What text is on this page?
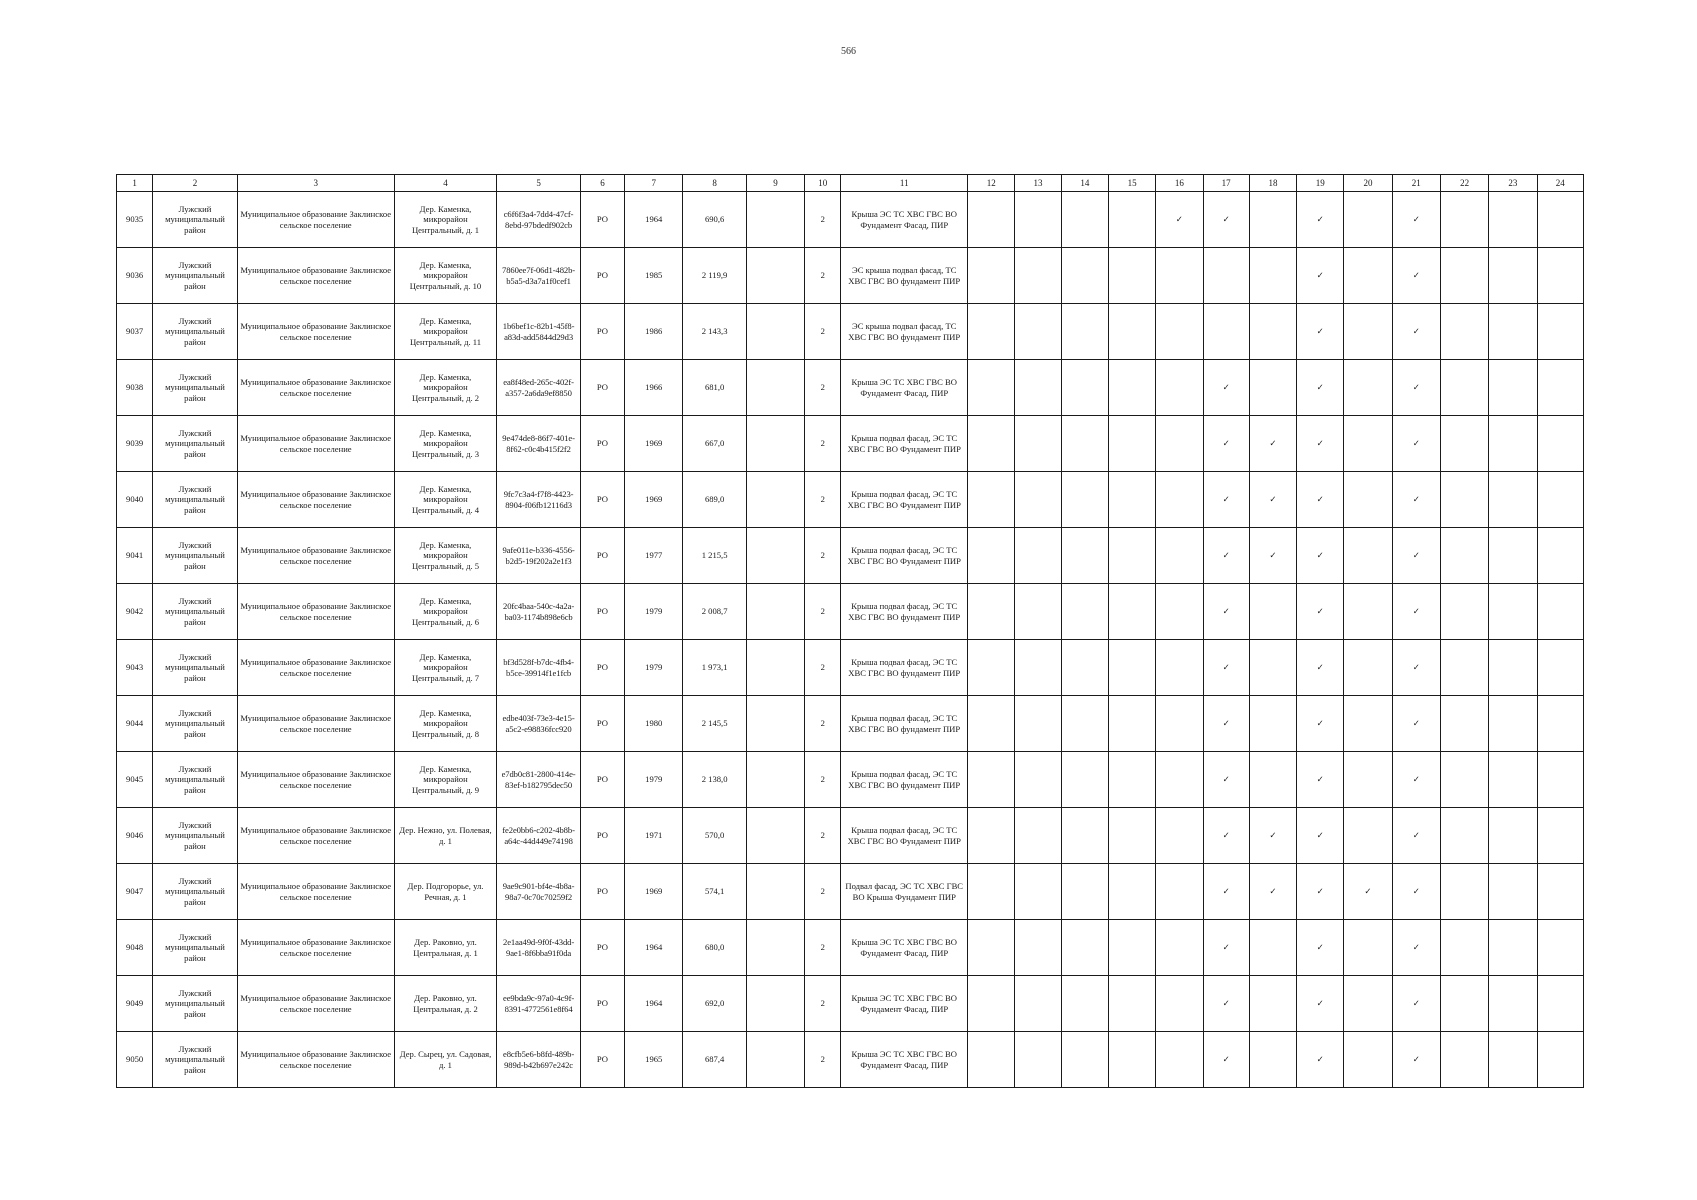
566
1	2	3	4	5	6	7	8	9	10	11	12	13	14	15	16	17	18	19	20	21	22	23	24
9035	Лужский муниципальный район	Муниципальное образование Заклинское сельское поселение	Дер. Каменка, микрорайон Центральный, д. 1	c6f6f3a4-7dd4-47cf-8ebd-97bdedf902cb	РО	1964	690,6		2	Крыша ЭС ТС ХВС ГВС ВО Фундамент Фасад, ПИР					✓	✓		✓		✓			
9036	Лужский муниципальный район	Муниципальное образование Заклинское сельское поселение	Дер. Каменка, микрорайон Центральный, д. 10	7860ee7f-06d1-482b-b5a5-d3a7a1f0cef1	РО	1985	2 119,9		2	ЭС крыша подвал фасад, ТС ХВС ГВС ВО фундамент ПИР								✓		✓			
9037	Лужский муниципальный район	Муниципальное образование Заклинское сельское поселение	Дер. Каменка, микрорайон Центральный, д. 11	1b6bef1c-82b1-45f8-a83d-add5844d29d3	РО	1986	2 143,3		2	ЭС крыша подвал фасад, ТС ХВС ГВС ВО фундамент ПИР								✓		✓			
9038	Лужский муниципальный район	Муниципальное образование Заклинское сельское поселение	Дер. Каменка, микрорайон Центральный, д. 2	ea8f48ed-265c-402f-a357-2a6da9ef8850	РО	1966	681,0		2	Крыша ЭС ТС ХВС ГВС ВО Фундамент Фасад, ПИР						✓		✓		✓			
9039	Лужский муниципальный район	Муниципальное образование Заклинское сельское поселение	Дер. Каменка, микрорайон Центральный, д. 3	9e474de8-86f7-401e-8f62-c0c4b415f2f2	РО	1969	667,0		2	Крыша подвал фасад, ЭС ТС ХВС ГВС ВО Фундамент ПИР						✓	✓	✓		✓			
9040	Лужский муниципальный район	Муниципальное образование Заклинское сельское поселение	Дер. Каменка, микрорайон Центральный, д. 4	9fc7c3a4-f7f8-4423-8904-f06fb12116d3	РО	1969	689,0		2	Крыша подвал фасад, ЭС ТС ХВС ГВС ВО Фундамент ПИР						✓	✓	✓		✓			
9041	Лужский муниципальный район	Муниципальное образование Заклинское сельское поселение	Дер. Каменка, микрорайон Центральный, д. 5	9afe011e-b336-4556-b2d5-19f202a2e1f3	РО	1977	1 215,5		2	Крыша подвал фасад, ЭС ТС ХВС ГВС ВО Фундамент ПИР						✓	✓	✓		✓			
9042	Лужский муниципальный район	Муниципальное образование Заклинское сельское поселение	Дер. Каменка, микрорайон Центральный, д. 6	20fc4baa-540c-4a2a-ba03-1174b898e6cb	РО	1979	2 008,7		2	Крыша подвал фасад, ЭС ТС ХВС ГВС ВО фундамент ПИР						✓		✓		✓			
9043	Лужский муниципальный район	Муниципальное образование Заклинское сельское поселение	Дер. Каменка, микрорайон Центральный, д. 7	bf3d528f-b7dc-4fb4-b5ce-39914f1e1fcb	РО	1979	1 973,1		2	Крыша подвал фасад, ЭС ТС ХВС ГВС ВО фундамент ПИР						✓		✓		✓			
9044	Лужский муниципальный район	Муниципальное образование Заклинское сельское поселение	Дер. Каменка, микрорайон Центральный, д. 8	edbe403f-73e3-4e15-a5c2-e98836fcc920	РО	1980	2 145,5		2	Крыша подвал фасад, ЭС ТС ХВС ГВС ВО фундамент ПИР						✓		✓		✓			
9045	Лужский муниципальный район	Муниципальное образование Заклинское сельское поселение	Дер. Каменка, микрорайон Центральный, д. 9	e7db0c81-2800-414e-83ef-b182795dec50	РО	1979	2 138,0		2	Крыша подвал фасад, ЭС ТС ХВС ГВС ВО фундамент ПИР						✓		✓		✓			
9046	Лужский муниципальный район	Муниципальное образование Заклинское сельское поселение	Дер. Нежно, ул. Полевая, д. 1	fe2e0bb6-c202-4b8b-a64c-44d449e74198	РО	1971	570,0		2	Крыша подвал фасад, ЭС ТС ХВС ГВС ВО Фундамент ПИР						✓	✓	✓		✓			
9047	Лужский муниципальный район	Муниципальное образование Заклинское сельское поселение	Дер. Подгорорье, ул. Речная, д. 1	9ae9c901-bf4e-4b8a-98a7-0c70c70259f2	РО	1969	574,1		2	Подвал фасад, ЭС ТС ХВС ГВС ВО Крыша Фундамент ПИР						✓	✓	✓	✓	✓			
9048	Лужский муниципальный район	Муниципальное образование Заклинское сельское поселение	Дер. Раковно, ул. Центральная, д. 1	2e1aa49d-9f0f-43dd-9ae1-8f6bba91f0da	РО	1964	680,0		2	Крыша ЭС ТС ХВС ГВС ВО Фундамент Фасад, ПИР						✓		✓		✓			
9049	Лужский муниципальный район	Муниципальное образование Заклинское сельское поселение	Дер. Раковно, ул. Центральная, д. 2	ee9bda9c-97a0-4c9f-8391-4772561e8f64	РО	1964	692,0		2	Крыша ЭС ТС ХВС ГВС ВО Фундамент Фасад, ПИР						✓		✓		✓			
9050	Лужский муниципальный район	Муниципальное образование Заклинское сельское поселение	Дер. Сырец, ул. Садовая, д. 1	e8cfb5e6-b8fd-489b-989d-b42b697e242c	РО	1965	687,4		2	Крыша ЭС ТС ХВС ГВС ВО Фундамент Фасад, ПИР						✓		✓		✓			
